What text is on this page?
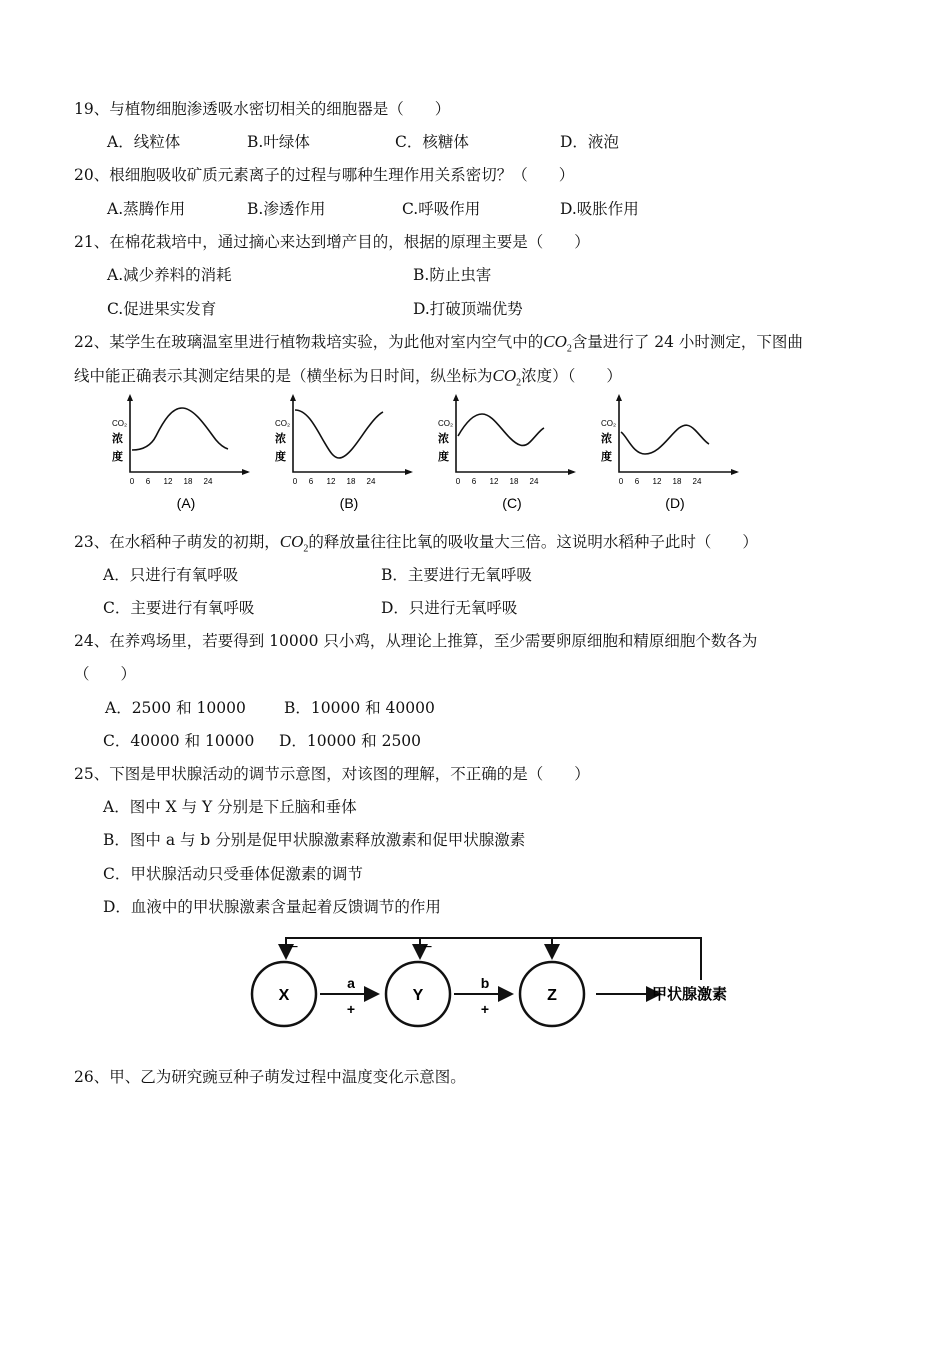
19、与植物细胞渗透吸水密切相关的细胞器是（　　）
A．线粒体	B.叶绿体	C．核糖体	D．液泡
20、根细胞吸收矿质元素离子的过程与哪种生理作用关系密切？（　　）
A.蒸腾作用	B.渗透作用	C.呼吸作用	D.吸胀作用
21、在棉花栽培中，通过摘心来达到增产目的，根据的原理主要是（　　）
A.减少养料的消耗	B.防止虫害
C.促进果实发育	D.打破顶端优势
22、某学生在玻璃温室里进行植物栽培实验，为此他对室内空气中的$CO_2$含量进行了 24 小时测定，下图曲
线中能正确表示其测定结果的是（横坐标为日时间，纵坐标为$CO_2$浓度）（　　）
CO₂
浓
度
0 6 12 18 24
(A)
CO₂
浓
度
0 6 12 18 24
(B)
CO₂
浓
度
0 6 12 18 24
(C)
CO₂
浓
度
0 6 12 18 24
(D)
23、在水稻种子萌发的初期，$CO_2$的释放量往往比氧的吸收量大三倍。这说明水稻种子此时（　　）
A．只进行有氧呼吸	B．主要进行无氧呼吸
C．主要进行有氧呼吸	D．只进行无氧呼吸
24、在养鸡场里，若要得到 10000 只小鸡，从理论上推算，至少需要卵原细胞和精原细胞个数各为
（　　）
A．2500 和 10000 B．10000 和 40000
C．40000 和 10000 D．10000 和 2500
25、下图是甲状腺活动的调节示意图，对该图的理解，不正确的是（　　）
A．图中 X 与 Y 分别是下丘脑和垂体
B．图中 a 与 b 分别是促甲状腺激素释放激素和促甲状腺激素
C．甲状腺活动只受垂体促激素的调节
D．血液中的甲状腺激素含量起着反馈调节的作用
−	−
X	Y	Z
a
+
b
+
甲状腺激素
26、甲、乙为研究豌豆种子萌发过程中温度变化示意图。
